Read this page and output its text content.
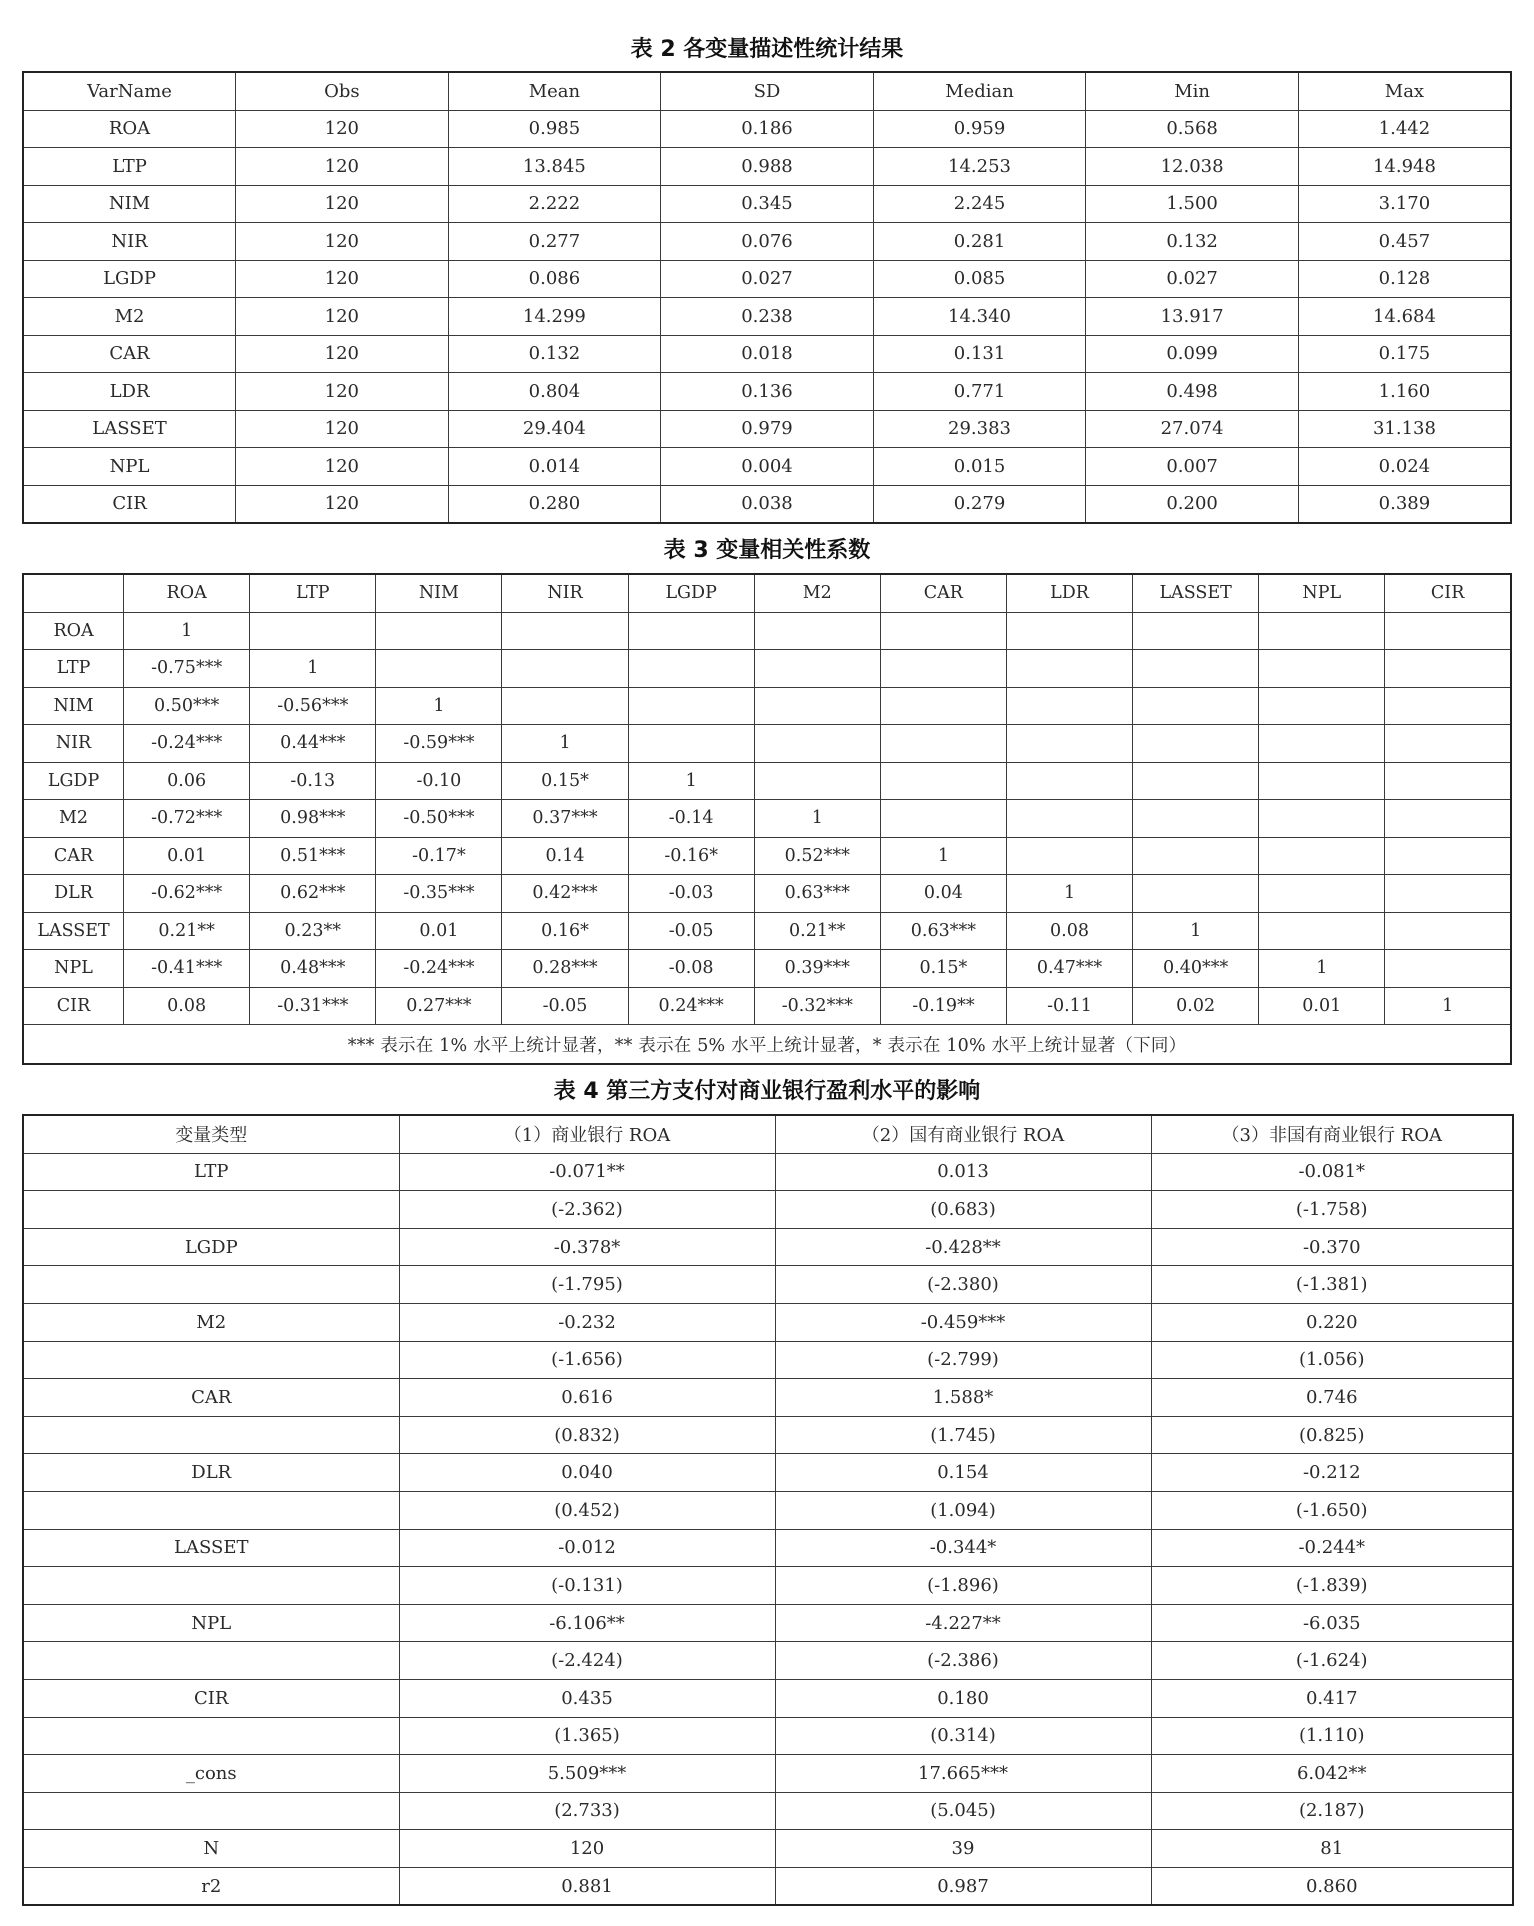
表 2 各变量描述性统计结果
VarName	Obs	Mean	SD	Median	Min	Max
ROA	120	0.985	0.186	0.959	0.568	1.442
LTP	120	13.845	0.988	14.253	12.038	14.948
NIM	120	2.222	0.345	2.245	1.500	3.170
NIR	120	0.277	0.076	0.281	0.132	0.457
LGDP	120	0.086	0.027	0.085	0.027	0.128
M2	120	14.299	0.238	14.340	13.917	14.684
CAR	120	0.132	0.018	0.131	0.099	0.175
LDR	120	0.804	0.136	0.771	0.498	1.160
LASSET	120	29.404	0.979	29.383	27.074	31.138
NPL	120	0.014	0.004	0.015	0.007	0.024
CIR	120	0.280	0.038	0.279	0.200	0.389
表 3 变量相关性系数
	ROA	LTP	NIM	NIR	LGDP	M2	CAR	LDR	LASSET	NPL	CIR
ROA	1										
LTP	-0.75***	1									
NIM	0.50***	-0.56***	1								
NIR	-0.24***	0.44***	-0.59***	1							
LGDP	0.06	-0.13	-0.10	0.15*	1						
M2	-0.72***	0.98***	-0.50***	0.37***	-0.14	1					
CAR	0.01	0.51***	-0.17*	0.14	-0.16*	0.52***	1				
DLR	-0.62***	0.62***	-0.35***	0.42***	-0.03	0.63***	0.04	1			
LASSET	0.21**	0.23**	0.01	0.16*	-0.05	0.21**	0.63***	0.08	1		
NPL	-0.41***	0.48***	-0.24***	0.28***	-0.08	0.39***	0.15*	0.47***	0.40***	1	
CIR	0.08	-0.31***	0.27***	-0.05	0.24***	-0.32***	-0.19**	-0.11	0.02	0.01	1
*** 表示在 1% 水平上统计显著，** 表示在 5% 水平上统计显著，* 表示在 10% 水平上统计显著（下同）											
表 4 第三方支付对商业银行盈利水平的影响
变量类型	（1）商业银行 ROA	（2）国有商业银行 ROA	（3）非国有商业银行 ROA
LTP	-0.071**	0.013	-0.081*
	(-2.362)	(0.683)	(-1.758)
LGDP	-0.378*	-0.428**	-0.370
	(-1.795)	(-2.380)	(-1.381)
M2	-0.232	-0.459***	0.220
	(-1.656)	(-2.799)	(1.056)
CAR	0.616	1.588*	0.746
	(0.832)	(1.745)	(0.825)
DLR	0.040	0.154	-0.212
	(0.452)	(1.094)	(-1.650)
LASSET	-0.012	-0.344*	-0.244*
	(-0.131)	(-1.896)	(-1.839)
NPL	-6.106**	-4.227**	-6.035
	(-2.424)	(-2.386)	(-1.624)
CIR	0.435	0.180	0.417
	(1.365)	(0.314)	(1.110)
_cons	5.509***	17.665***	6.042**
	(2.733)	(5.045)	(2.187)
N	120	39	81
r2	0.881	0.987	0.860
